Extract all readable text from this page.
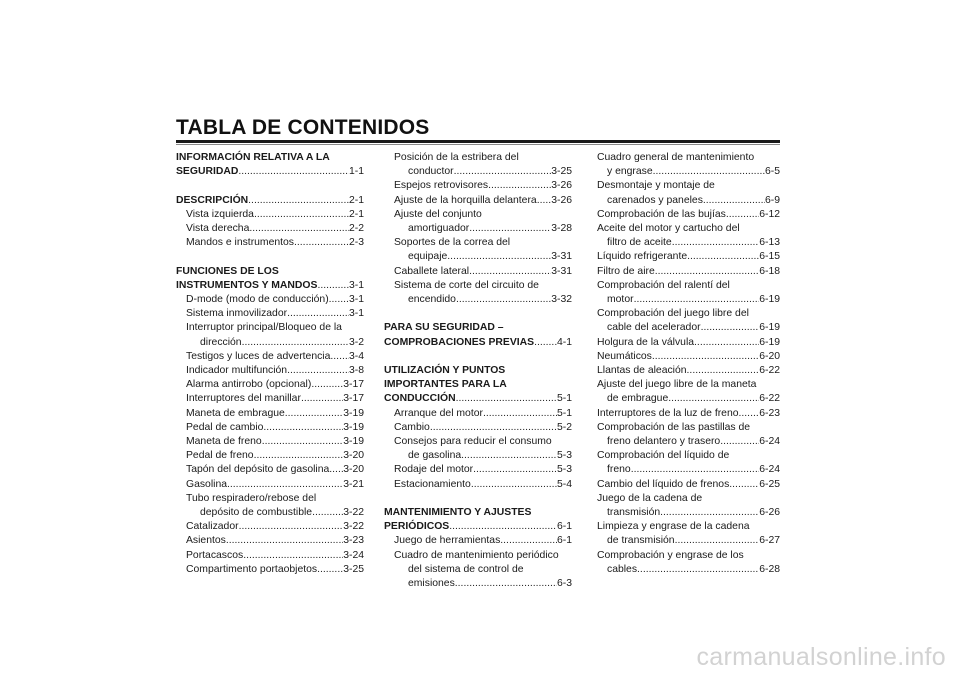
TABLA DE CONTENIDOS
INFORMACIÓN RELATIVA A LA
SEGURIDAD .....	1-1
DESCRIPCIÓN .....	2-1
Vista izquierda .....	2-1
Vista derecha .....	2-2
Mandos e instrumentos .....	2-3
FUNCIONES DE LOS
INSTRUMENTOS Y MANDOS .....	3-1
D-mode (modo de conducción) ..... 3-1
Sistema inmovilizador .....	3-1
Interruptor principal/Bloqueo de la
dirección .....	3-2
Testigos y luces de advertencia ..... 3-4
Indicador multifunción .....	3-8
Alarma antirrobo (opcional) .....	3-17
Interruptores del manillar .....	3-17
Maneta de embrague .....	3-19
Pedal de cambio .....	3-19
Maneta de freno .....	3-19
Pedal de freno .....	3-20
Tapón del depósito de gasolina ..... 3-20
Gasolina .....	3-21
Tubo respiradero/rebose del
depósito de combustible .....	3-22
Catalizador .....	3-22
Asientos .....	3-23
Portacascos .....	3-24
Compartimento portaobjetos .....	3-25
Posición de la estribera del
conductor .....	3-25
Espejos retrovisores .....	3-26
Ajuste de la horquilla delantera ..... 3-26
Ajuste del conjunto
amortiguador .....	3-28
Soportes de la correa del
equipaje .....	3-31
Caballete lateral .....	3-31
Sistema de corte del circuito de
encendido .....	3-32
PARA SU SEGURIDAD –
COMPROBACIONES PREVIAS ..... 4-1
UTILIZACIÓN Y PUNTOS
IMPORTANTES PARA LA
CONDUCCIÓN .....	5-1
Arranque del motor .....	5-1
Cambio .....	5-2
Consejos para reducir el consumo
de gasolina .....	5-3
Rodaje del motor .....	5-3
Estacionamiento .....	5-4
MANTENIMIENTO Y AJUSTES
PERIÓDICOS .....	6-1
Juego de herramientas .....	6-1
Cuadro de mantenimiento periódico
del sistema de control de
emisiones .....	6-3
Cuadro general de mantenimiento
y engrase .....	6-5
Desmontaje y montaje de
carenados y paneles .....	6-9
Comprobación de las bujías .....	6-12
Aceite del motor y cartucho del
filtro de aceite .....	6-13
Líquido refrigerante .....	6-15
Filtro de aire .....	6-18
Comprobación del ralentí del
motor .....	6-19
Comprobación del juego libre del
cable del acelerador .....	6-19
Holgura de la válvula .....	6-19
Neumáticos .....	6-20
Llantas de aleación .....	6-22
Ajuste del juego libre de la maneta
de embrague .....	6-22
Interruptores de la luz de freno ..... 6-23
Comprobación de las pastillas de
freno delantero y trasero .....	6-24
Comprobación del líquido de
freno .....	6-24
Cambio del líquido de frenos .....	6-25
Juego de la cadena de
transmisión .....	6-26
Limpieza y engrase de la cadena
de transmisión .....	6-27
Comprobación y engrase de los
cables .....	6-28
carmanualsonline.info
